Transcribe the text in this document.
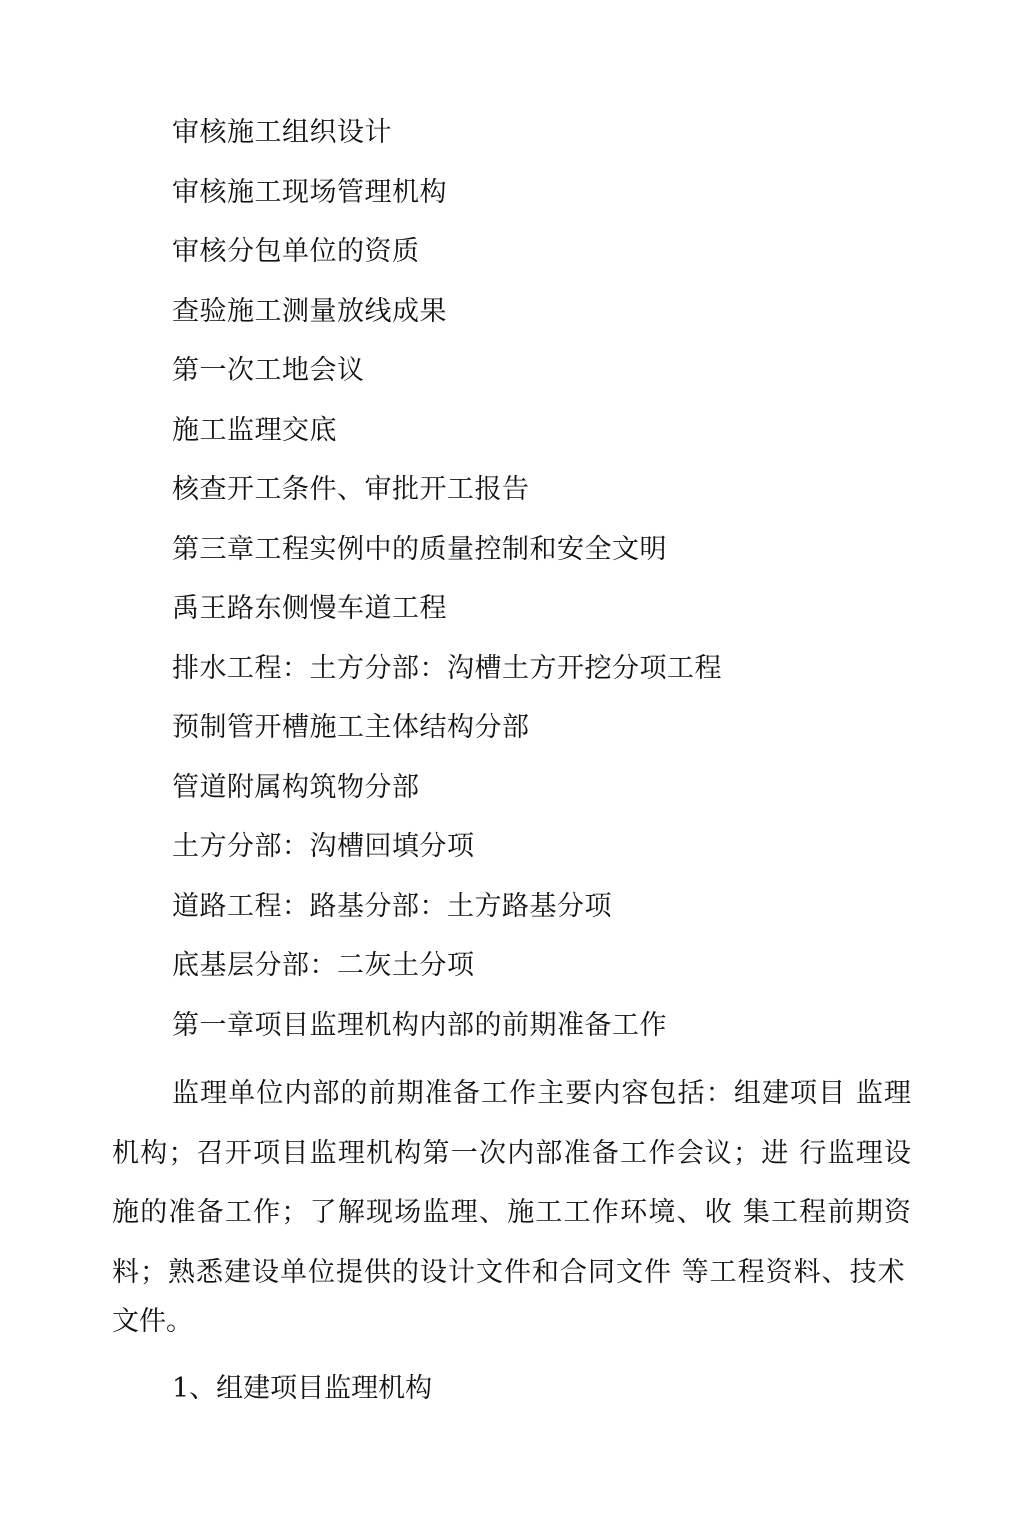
审核施工组织设计
审核施工现场管理机构
审核分包单位的资质
查验施工测量放线成果
第一次工地会议
施工监理交底
核查开工条件、审批开工报告
第三章工程实例中的质量控制和安全文明
禹王路东侧慢车道工程
排水工程：土方分部：沟槽土方开挖分项工程
预制管开槽施工主体结构分部
管道附属构筑物分部
土方分部：沟槽回填分项
道路工程：路基分部：土方路基分项
底基层分部：二灰土分项
第一章项目监理机构内部的前期准备工作

监理单位内部的前期准备工作主要内容包括：组建项目 监理机构；召开项目监理机构第一次内部准备工作会议；进 行监理设施的准备工作；了解现场监理、施工工作环境、收 集工程前期资料；熟悉建设单位提供的设计文件和合同文件 等工程资料、技术

文件。
1、组建项目监理机构
